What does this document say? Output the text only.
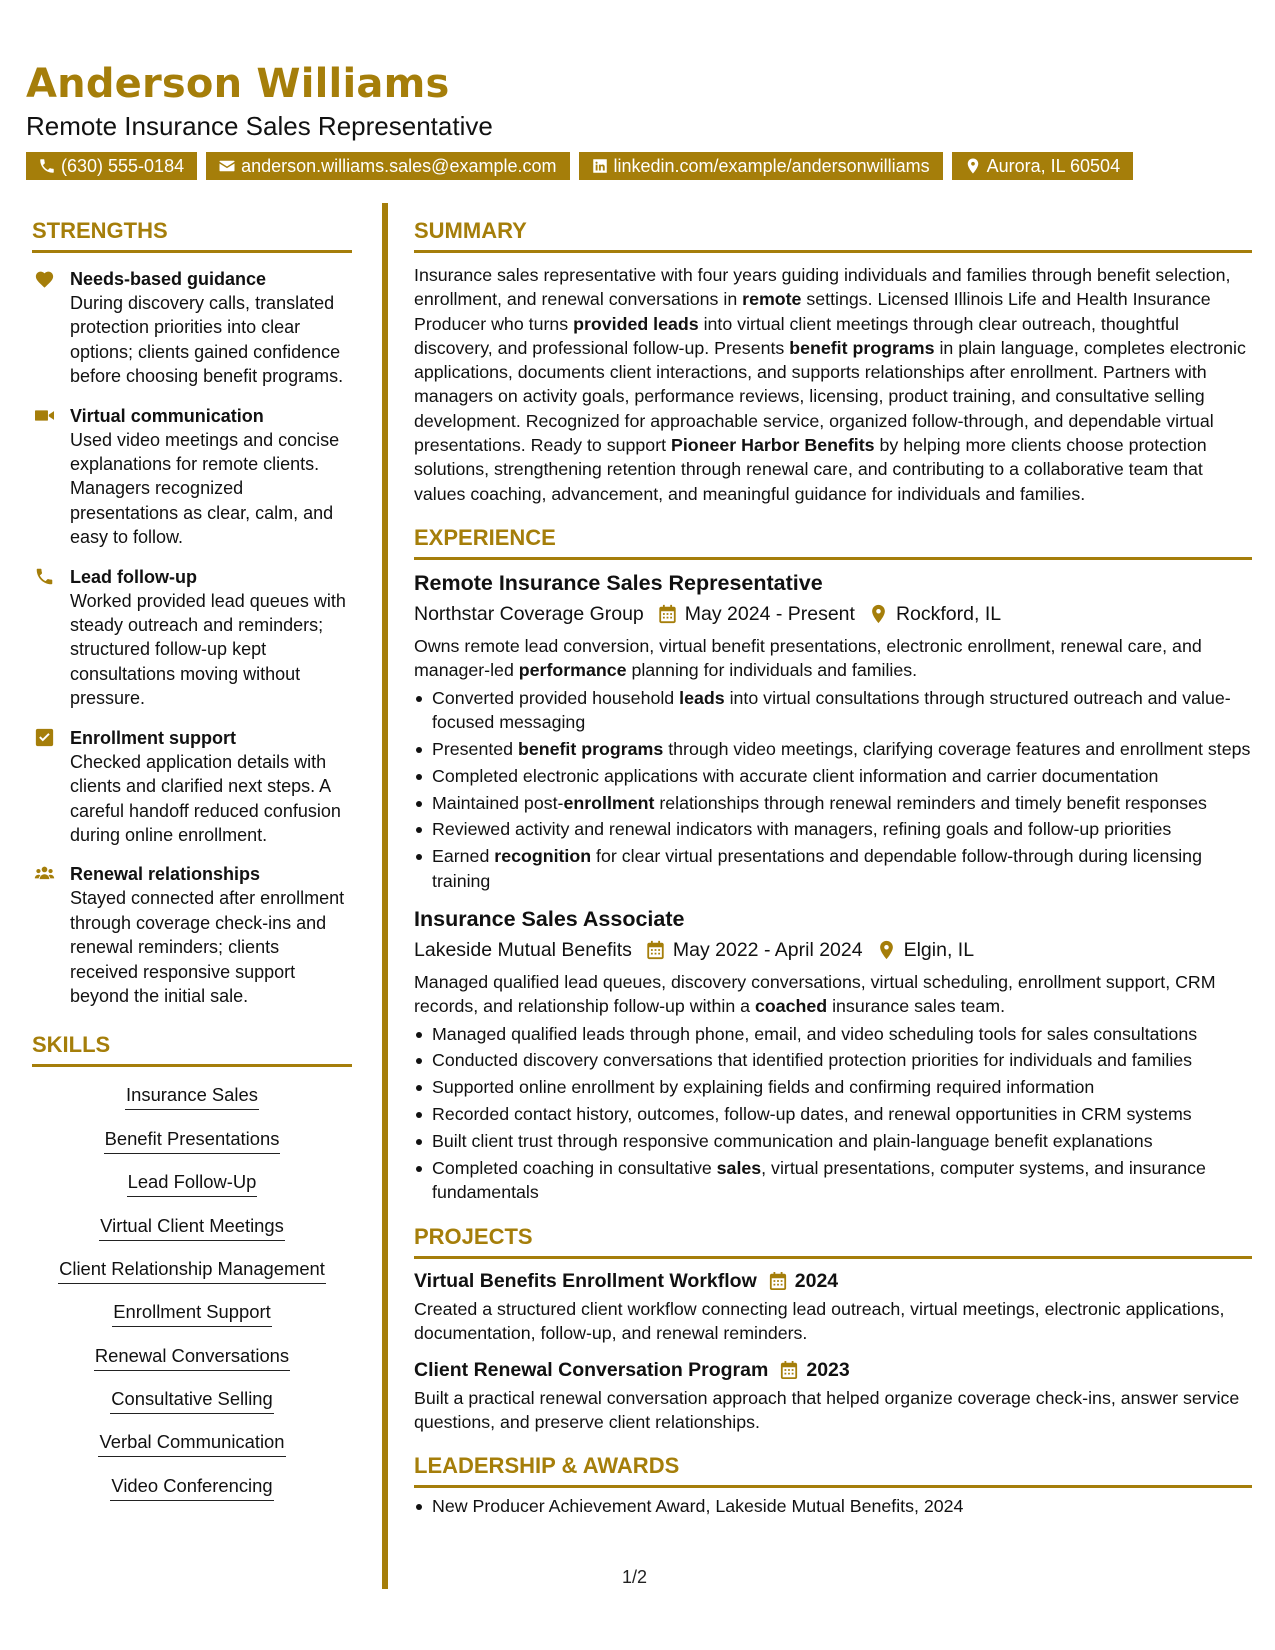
Anderson Williams
Remote Insurance Sales Representative
(630) 555-0184	anderson.williams.sales@example.com	linkedin.com/example/andersonwilliams	Aurora, IL 60504
STRENGTHS
Needs-based guidance
During discovery calls, translated protection priorities into clear options; clients gained confidence before choosing benefit programs.
Virtual communication
Used video meetings and concise explanations for remote clients. Managers recognized presentations as clear, calm, and easy to follow.
Lead follow-up
Worked provided lead queues with steady outreach and reminders; structured follow-up kept consultations moving without pressure.
Enrollment support
Checked application details with clients and clarified next steps. A careful handoff reduced confusion during online enrollment.
Renewal relationships
Stayed connected after enrollment through coverage check-ins and renewal reminders; clients received responsive support beyond the initial sale.
SKILLS
Insurance Sales
Benefit Presentations
Lead Follow-Up
Virtual Client Meetings
Client Relationship Management
Enrollment Support
Renewal Conversations
Consultative Selling
Verbal Communication
Video Conferencing
SUMMARY
Insurance sales representative with four years guiding individuals and families through benefit selection, enrollment, and renewal conversations in remote settings. Licensed Illinois Life and Health Insurance Producer who turns provided leads into virtual client meetings through clear outreach, thoughtful discovery, and professional follow-up. Presents benefit programs in plain language, completes electronic applications, documents client interactions, and supports relationships after enrollment. Partners with managers on activity goals, performance reviews, licensing, product training, and consultative selling development. Recognized for approachable service, organized follow-through, and dependable virtual presentations. Ready to support Pioneer Harbor Benefits by helping more clients choose protection solutions, strengthening retention through renewal care, and contributing to a collaborative team that values coaching, advancement, and meaningful guidance for individuals and families.
EXPERIENCE
Remote Insurance Sales Representative
Northstar Coverage Group May 2024 - Present Rockford, IL
Owns remote lead conversion, virtual benefit presentations, electronic enrollment, renewal care, and manager-led performance planning for individuals and families.
Converted provided household leads into virtual consultations through structured outreach and value-focused messaging
Presented benefit programs through video meetings, clarifying coverage features and enrollment steps
Completed electronic applications with accurate client information and carrier documentation
Maintained post-enrollment relationships through renewal reminders and timely benefit responses
Reviewed activity and renewal indicators with managers, refining goals and follow-up priorities
Earned recognition for clear virtual presentations and dependable follow-through during licensing training
Insurance Sales Associate
Lakeside Mutual Benefits May 2022 - April 2024 Elgin, IL
Managed qualified lead queues, discovery conversations, virtual scheduling, enrollment support, CRM records, and relationship follow-up within a coached insurance sales team.
Managed qualified leads through phone, email, and video scheduling tools for sales consultations
Conducted discovery conversations that identified protection priorities for individuals and families
Supported online enrollment by explaining fields and confirming required information
Recorded contact history, outcomes, follow-up dates, and renewal opportunities in CRM systems
Built client trust through responsive communication and plain-language benefit explanations
Completed coaching in consultative sales, virtual presentations, computer systems, and insurance fundamentals
PROJECTS
Virtual Benefits Enrollment Workflow 2024
Created a structured client workflow connecting lead outreach, virtual meetings, electronic applications, documentation, follow-up, and renewal reminders.
Client Renewal Conversation Program 2023
Built a practical renewal conversation approach that helped organize coverage check-ins, answer service questions, and preserve client relationships.
LEADERSHIP & AWARDS
New Producer Achievement Award, Lakeside Mutual Benefits, 2024
1/2
